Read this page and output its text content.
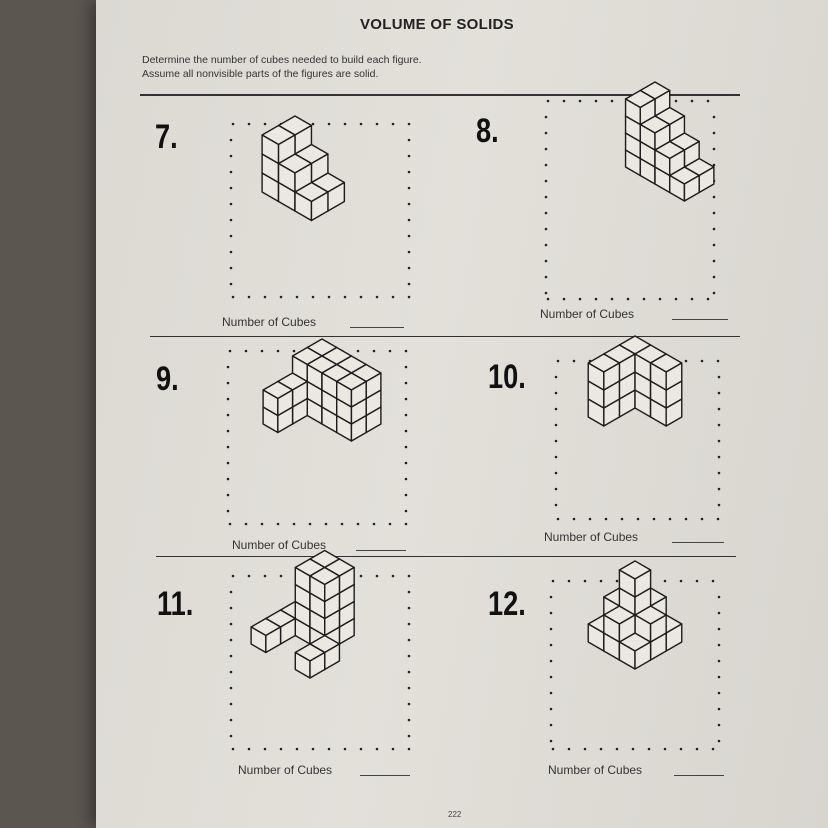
VOLUME OF SOLIDS
Determine the number of cubes needed to build each figure.
Assume all nonvisible parts of the figures are solid.
7.	8.
9.	10.
11.	12.
Number of Cubes
Number of Cubes
Number of Cubes
Number of Cubes
Number of Cubes	Number of Cubes
222
